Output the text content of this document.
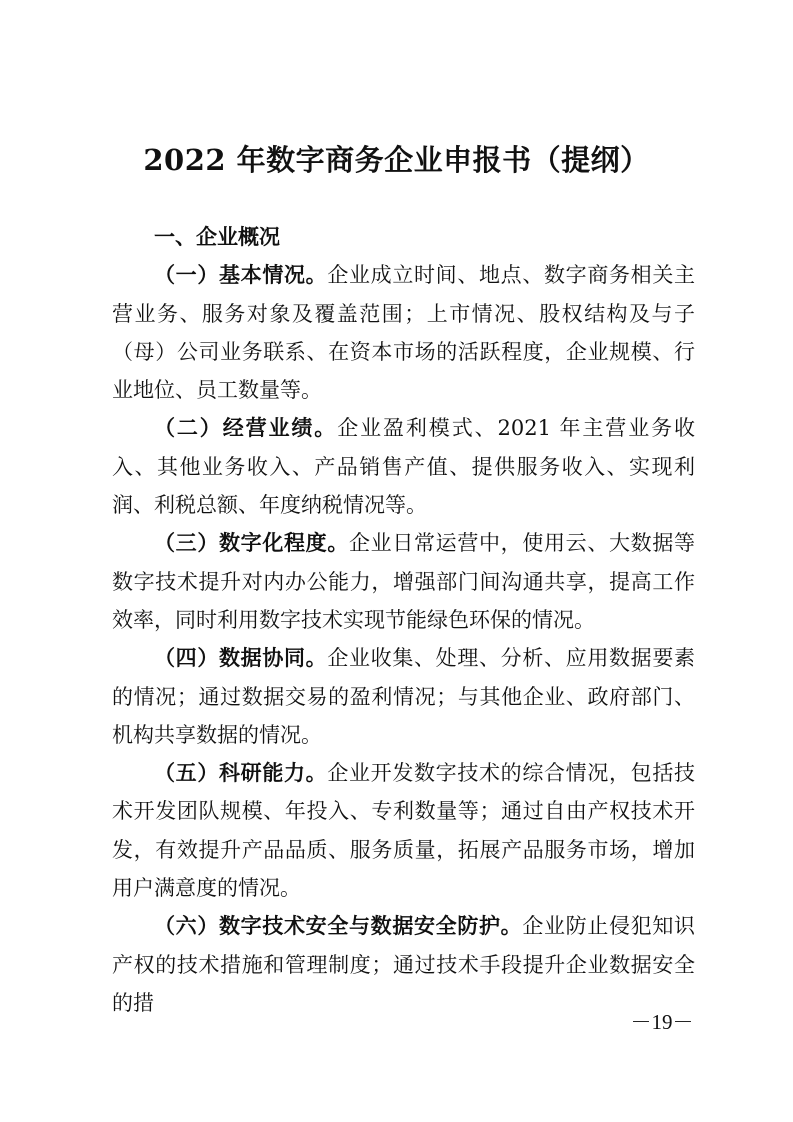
2022 年数字商务企业申报书（提纲）

一、企业概况

（一）基本情况。企业成立时间、地点、数字商务相关主营业务、服务对象及覆盖范围；上市情况、股权结构及与子（母）公司业务联系、在资本市场的活跃程度，企业规模、行业地位、员工数量等。

（二）经营业绩。企业盈利模式、2021 年主营业务收入、其他业务收入、产品销售产值、提供服务收入、实现利润、利税总额、年度纳税情况等。

（三）数字化程度。企业日常运营中，使用云、大数据等数字技术提升对内办公能力，增强部门间沟通共享，提高工作效率，同时利用数字技术实现节能绿色环保的情况。

（四）数据协同。企业收集、处理、分析、应用数据要素的情况；通过数据交易的盈利情况；与其他企业、政府部门、机构共享数据的情况。

（五）科研能力。企业开发数字技术的综合情况，包括技术开发团队规模、年投入、专利数量等；通过自由产权技术开发，有效提升产品品质、服务质量，拓展产品服务市场，增加用户满意度的情况。

（六）数字技术安全与数据安全防护。企业防止侵犯知识产权的技术措施和管理制度；通过技术手段提升企业数据安全的措

－19－
